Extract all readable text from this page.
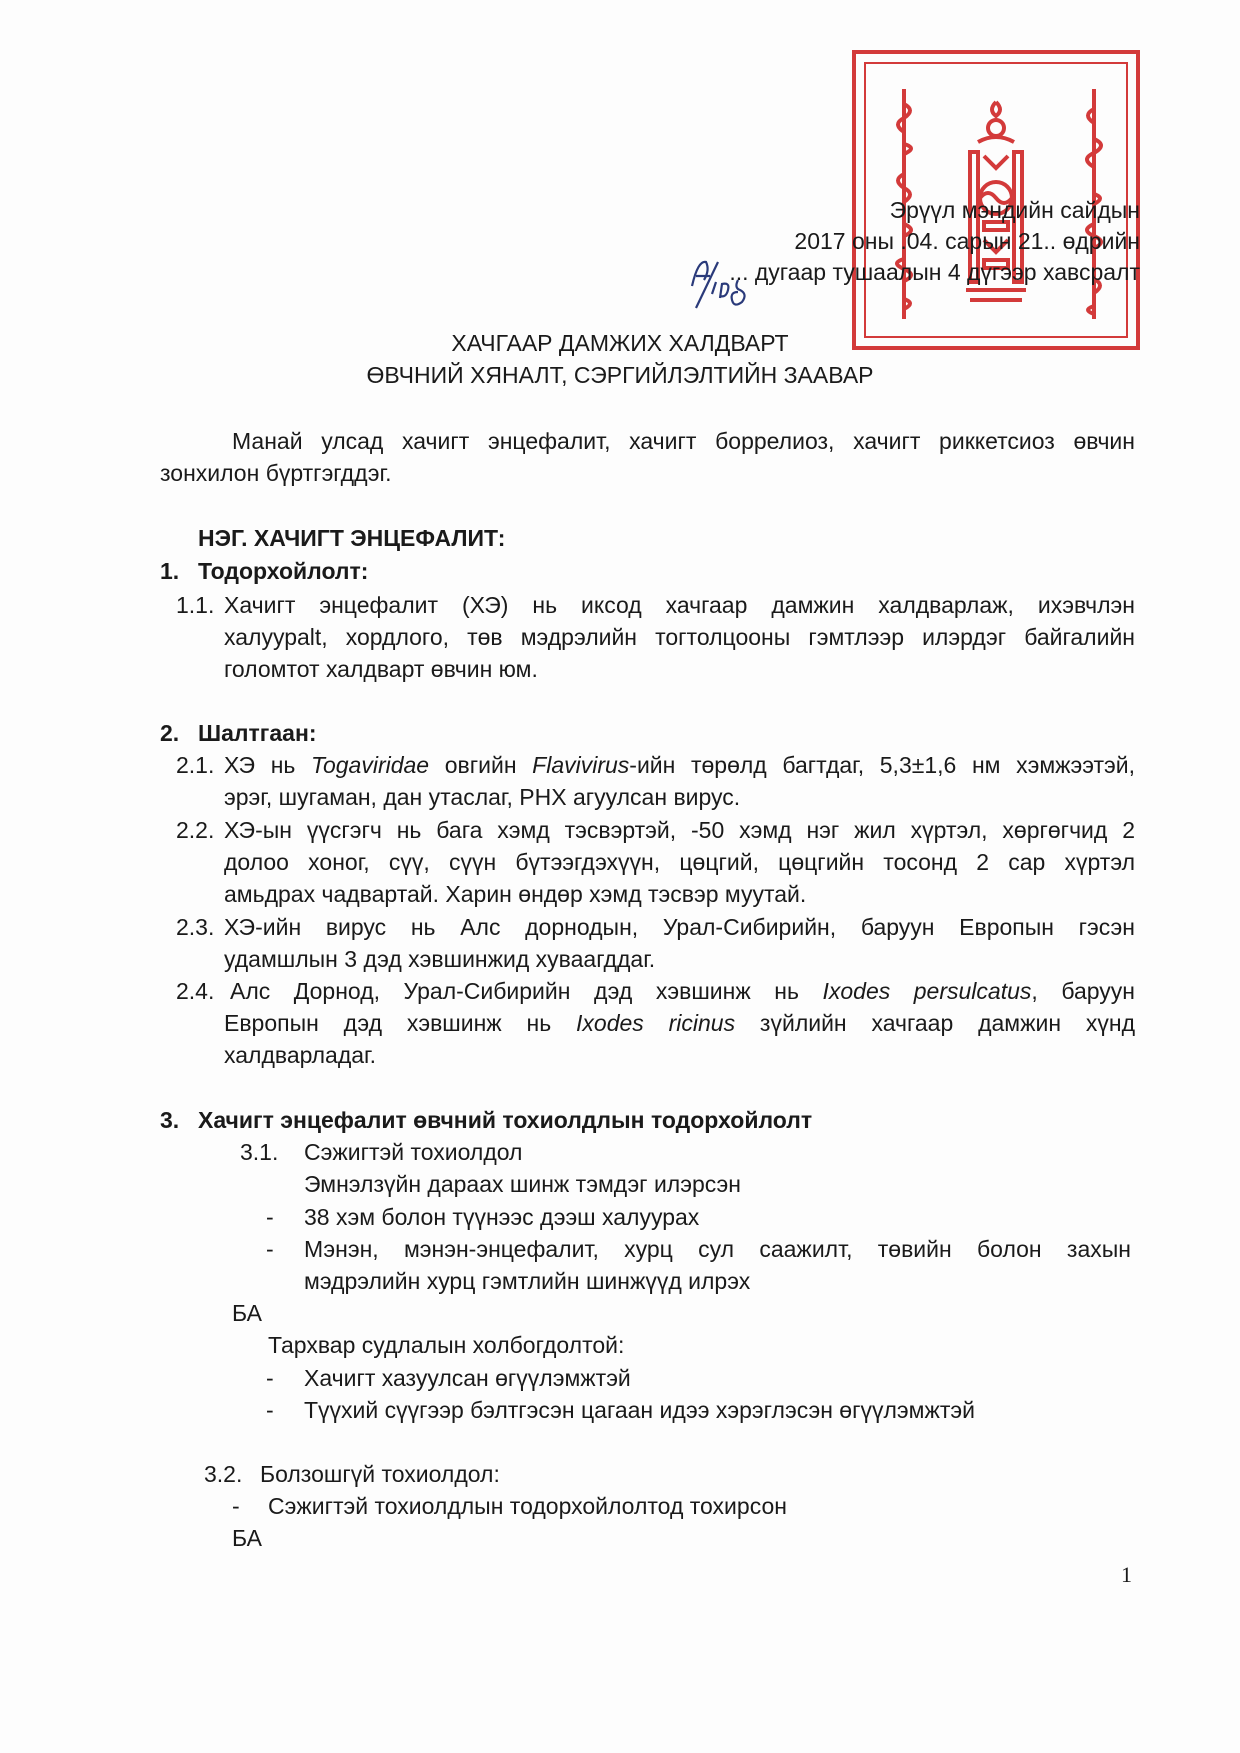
Эрүүл мэндийн сайдын
2017 оны .04. сарын 21.. өдрийн
... дугаар тушаалын 4 дүгээр хавсралт
ХАЧГААР ДАМЖИХ ХАЛДВАРТ
ӨВЧНИЙ ХЯНАЛТ, СЭРГИЙЛЭЛТИЙН ЗААВАР
Манай улсад хачигт энцефалит, хачигт боррелиоз, хачигт риккетсиоз өвчин
зонхилон бүртгэгддэг.
НЭГ. ХАЧИГТ ЭНЦЕФАЛИТ:
1. Тодорхойлолт:
1.1. Хачигт энцефалит (ХЭ) нь иксод хачгаар дамжин халдварлаж, ихэвчлэн
халуурalt, хордлого, төв мэдрэлийн тогтолцооны гэмтлээр илэрдэг байгалийн
голомтот халдварт өвчин юм.
2. Шалтгаан:
2.1. ХЭ нь Togaviridae овгийн Flavivirus-ийн төрөлд багтдаг, 5,3±1,6 нм хэмжээтэй,
эрэг, шугаман, дан утаслаг, РНХ агуулсан вирус.
2.2. ХЭ-ын үүсгэгч нь бага хэмд тэсвэртэй, -50 хэмд нэг жил хүртэл, хөргөгчид 2
долоо хоног, сүү, сүүн бүтээгдэхүүн, цөцгий, цөцгийн тосонд 2 сар хүртэл
амьдрах чадвартай. Харин өндөр хэмд тэсвэр муутай.
2.3. ХЭ-ийн вирус нь Алс дорнодын, Урал-Сибирийн, баруун Европын гэсэн
удамшлын 3 дэд хэвшинжид хуваагддаг.
2.4. Алс Дорнод, Урал-Сибирийн дэд хэвшинж нь Ixodes persulcatus, баруун
Европын дэд хэвшинж нь Ixodes ricinus зүйлийн хачгаар дамжин хүнд
халдварладаг.
3. Хачигт энцефалит өвчний тохиолдлын тодорхойлолт
3.1. Сэжигтэй тохиолдол
Эмнэлзүйн дараах шинж тэмдэг илэрсэн
- 38 хэм болон түүнээс дээш халуурах
- Мэнэн, мэнэн-энцефалит, хурц сул саажилт, төвийн болон захын
мэдрэлийн хурц гэмтлийн шинжүүд илрэх
БА
Тархвар судлалын холбогдолтой:
- Хачигт хазуулсан өгүүлэмжтэй
- Түүхий сүүгээр бэлтгэсэн цагаан идээ хэрэглэсэн өгүүлэмжтэй
3.2. Болзошгүй тохиолдол:
- Сэжигтэй тохиолдлын тодорхойлолтод тохирсон
БА
1
